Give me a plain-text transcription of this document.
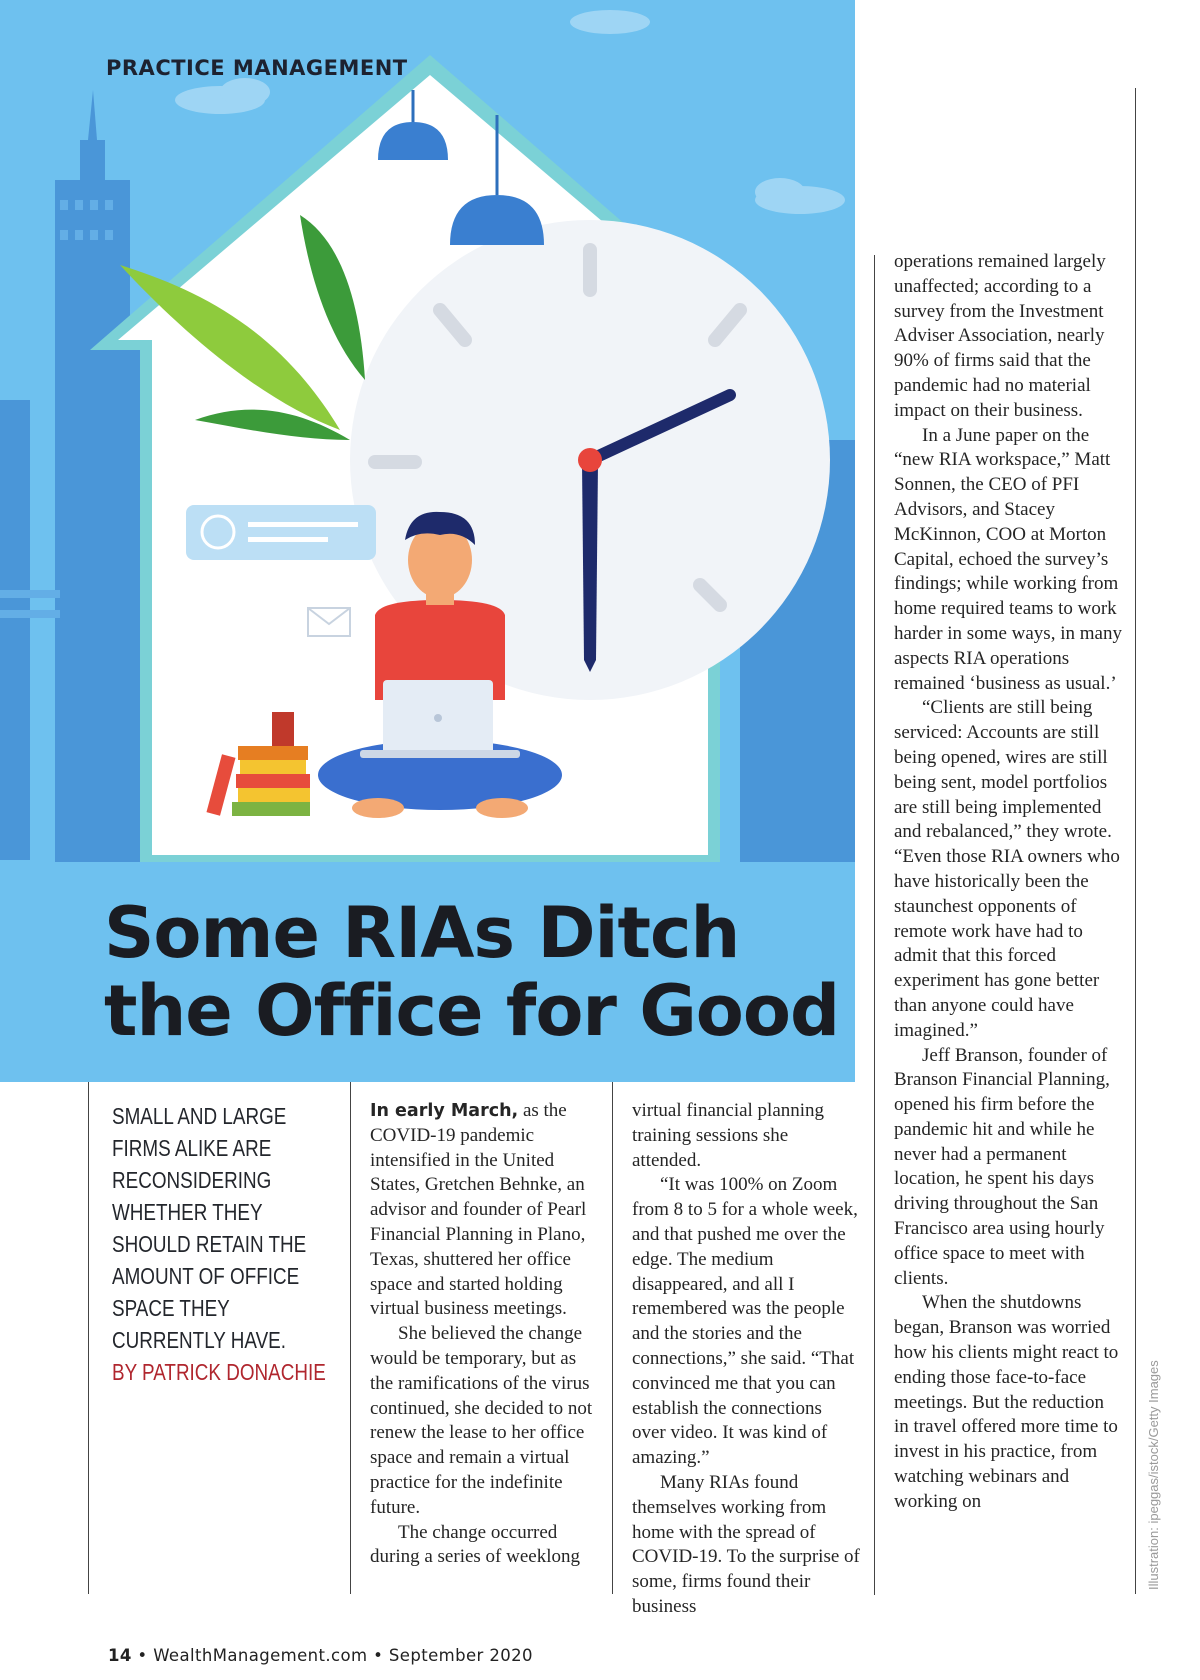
PRACTICE MANAGEMENT
Some RIAs Ditch
the Office for Good
SMALL AND LARGE FIRMS ALIKE ARE RECONSIDERING WHETHER THEY SHOULD RETAIN THE AMOUNT OF OFFICE SPACE THEY CURRENTLY HAVE.
BY PATRICK DONACHIE

In early March, as the COVID-19 pandemic intensified in the United States, Gretchen Behnke, an advisor and founder of Pearl Financial Planning in Plano, Texas, shuttered her office space and started holding virtual business meetings.

She believed the change would be temporary, but as the ramifications of the virus continued, she decided to not renew the lease to her office space and remain a virtual practice for the indefinite future.

The change occurred during a series of weeklong

virtual financial planning training sessions she attended.

“It was 100% on Zoom from 8 to 5 for a whole week, and that pushed me over the edge. The medium disappeared, and all I remembered was the people and the stories and the connections,” she said. “That convinced me that you can establish the connections over video. It was kind of amazing.”

Many RIAs found themselves working from home with the spread of COVID-19. To the surprise of some, firms found their business

operations remained largely unaffected; according to a survey from the Investment Adviser Association, nearly 90% of firms said that the pandemic had no material impact on their business.

In a June paper on the “new RIA workspace,” Matt Sonnen, the CEO of PFI Advisors, and Stacey McKinnon, COO at Morton Capital, echoed the survey’s findings; while working from home required teams to work harder in some ways, in many aspects RIA operations remained ‘business as usual.’

“Clients are still being serviced: Accounts are still being opened, wires are still being sent, model portfolios are still being implemented and rebalanced,” they wrote. “Even those RIA owners who have historically been the staunchest opponents of remote work have had to admit that this forced experiment has gone better than anyone could have imagined.”

Jeff Branson, founder of Branson Financial Planning, opened his firm before the pandemic hit and while he never had a permanent location, he spent his days driving throughout the San Francisco area using hourly office space to meet with clients.

When the shutdowns began, Branson was worried how his clients might react to ending those face-to-face meetings. But the reduction in travel offered more time to invest in his practice, from watching webinars and working on	Illustration: ipeggas/istock/Getty Images
14 • WealthManagement.com • September 2020
